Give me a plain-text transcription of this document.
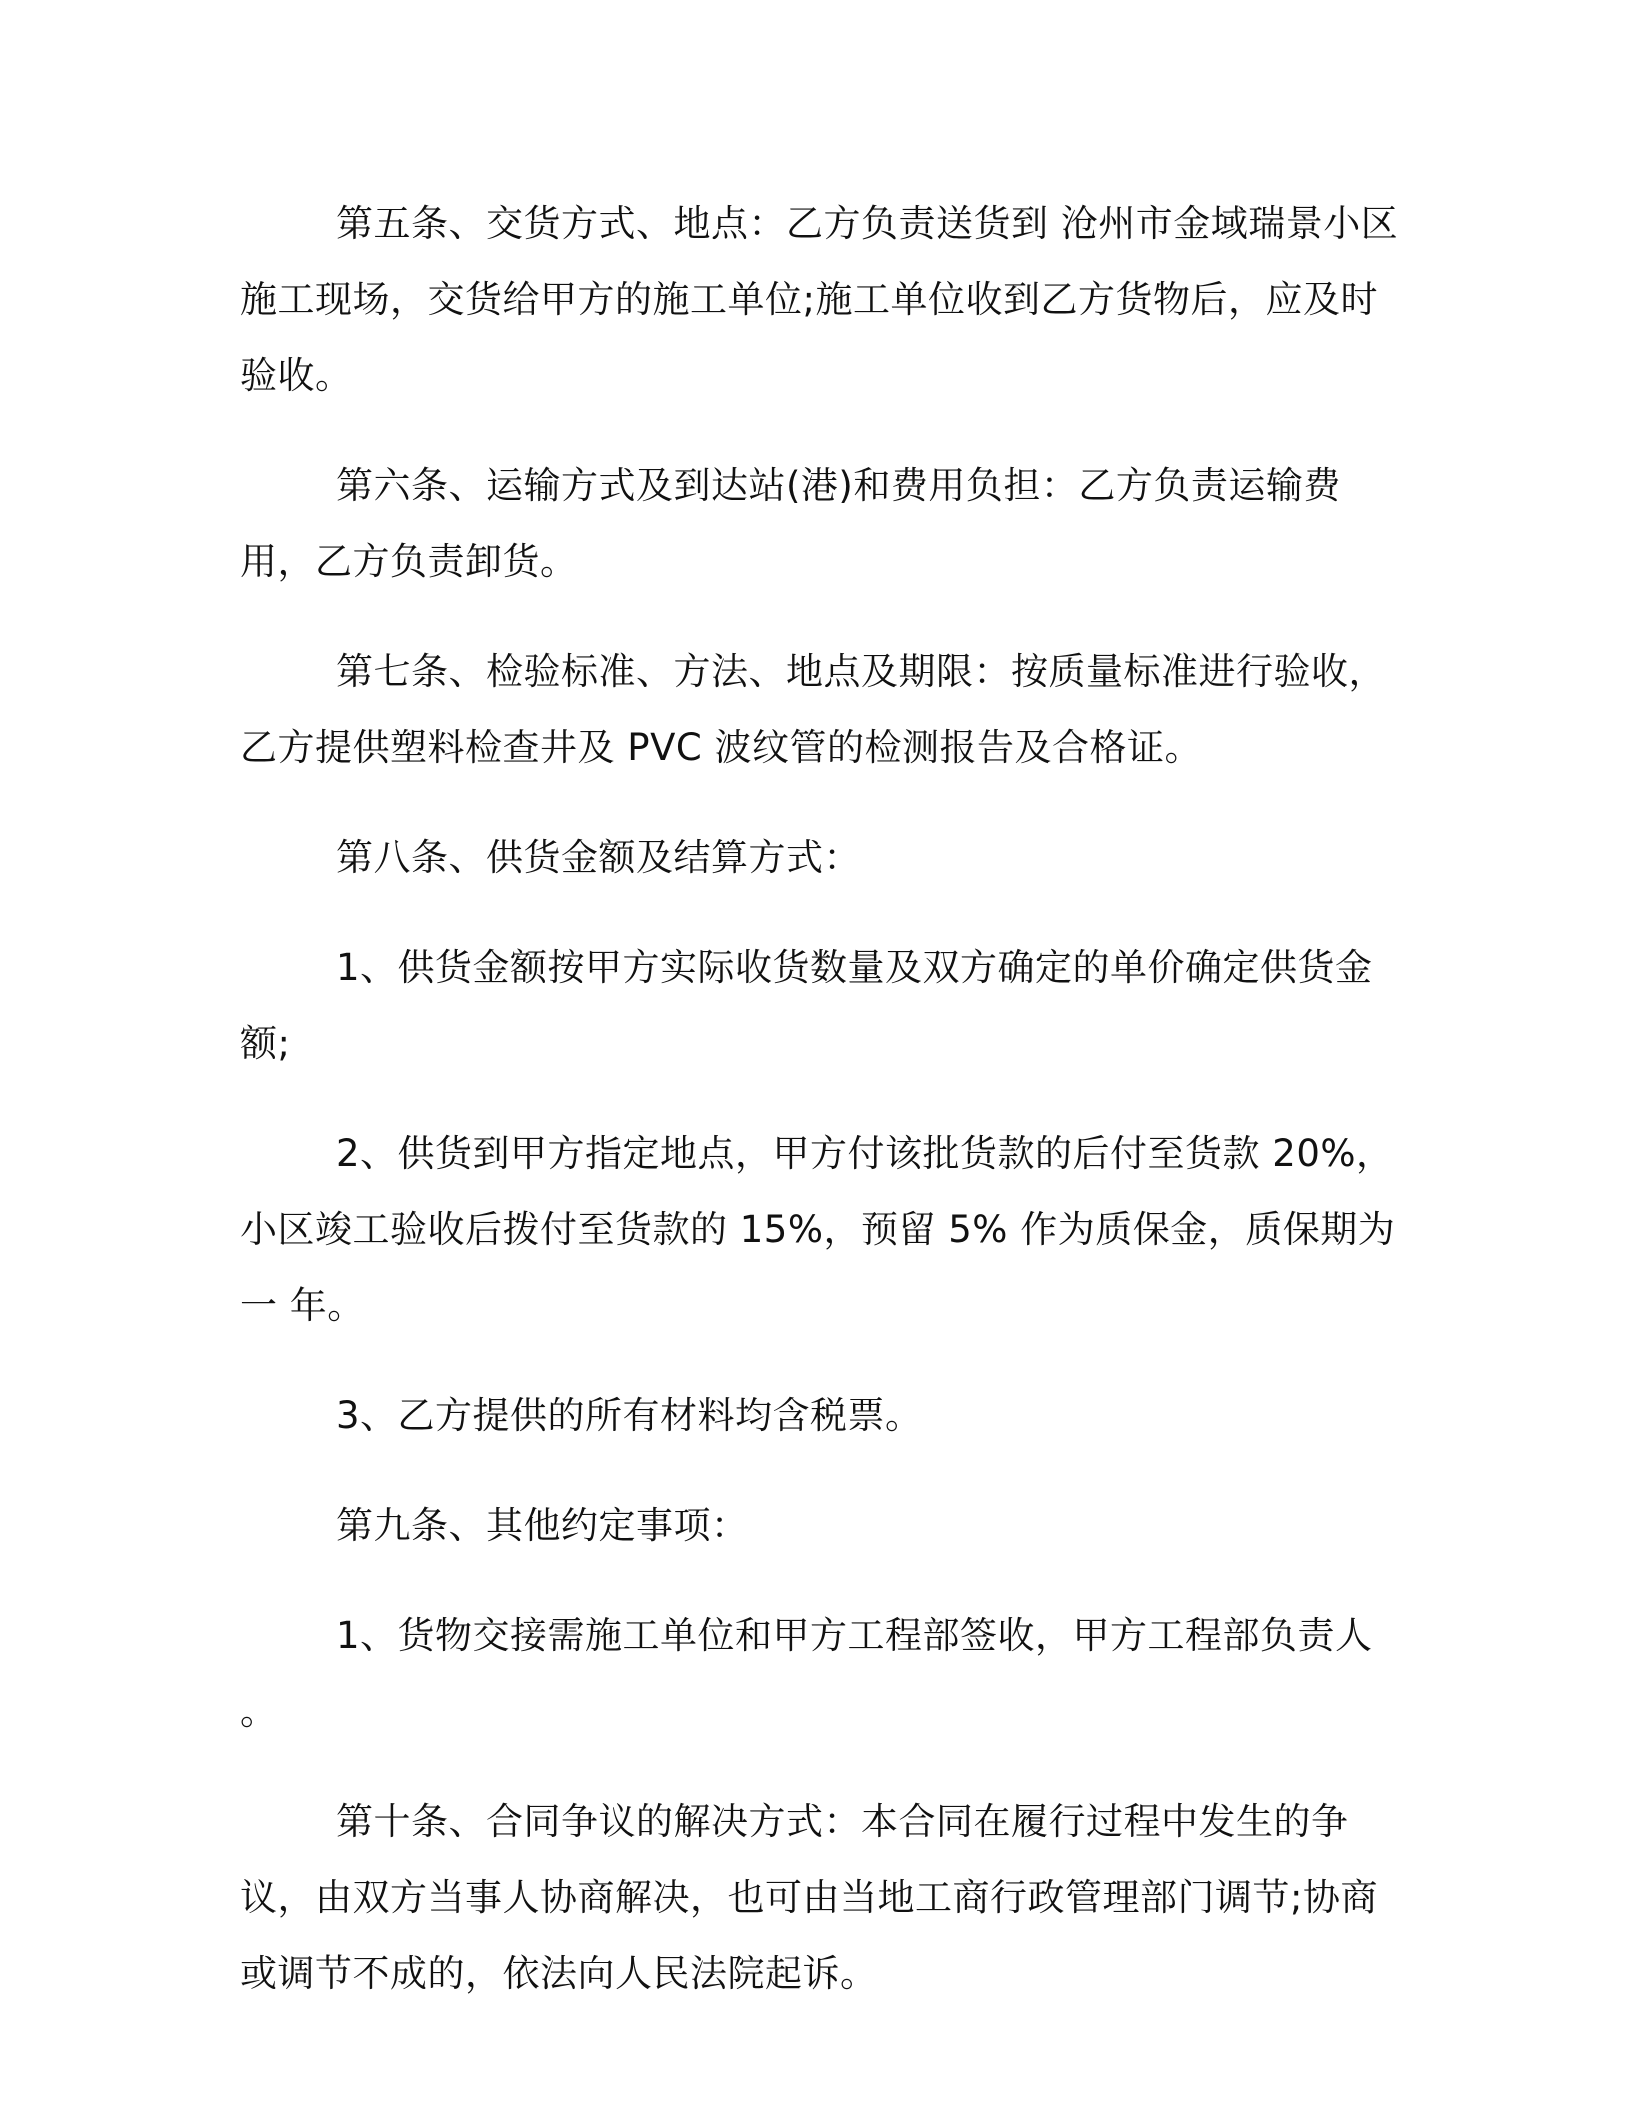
第五条、交货方式、地点：乙方负责送货到 沧州市金域瑞景小区施工现场，交货给甲方的施工单位;施工单位收到乙方货物后，应及时验收。

第六条、运输方式及到达站(港)和费用负担：乙方负责运输费用，乙方负责卸货。

第七条、检验标准、方法、地点及期限：按质量标准进行验收，乙方提供塑料检查井及 PVC 波纹管的检测报告及合格证。

第八条、供货金额及结算方式：

1、供货金额按甲方实际收货数量及双方确定的单价确定供货金额;

2、供货到甲方指定地点，甲方付该批货款的后付至货款 20%，小区竣工验收后拨付至货款的 15%，预留 5% 作为质保金，质保期为一 年。

3、乙方提供的所有材料均含税票。

第九条、其他约定事项：

1、货物交接需施工单位和甲方工程部签收，甲方工程部负责人 。

第十条、合同争议的解决方式：本合同在履行过程中发生的争议，由双方当事人协商解决，也可由当地工商行政管理部门调节;协商或调节不成的，依法向人民法院起诉。
